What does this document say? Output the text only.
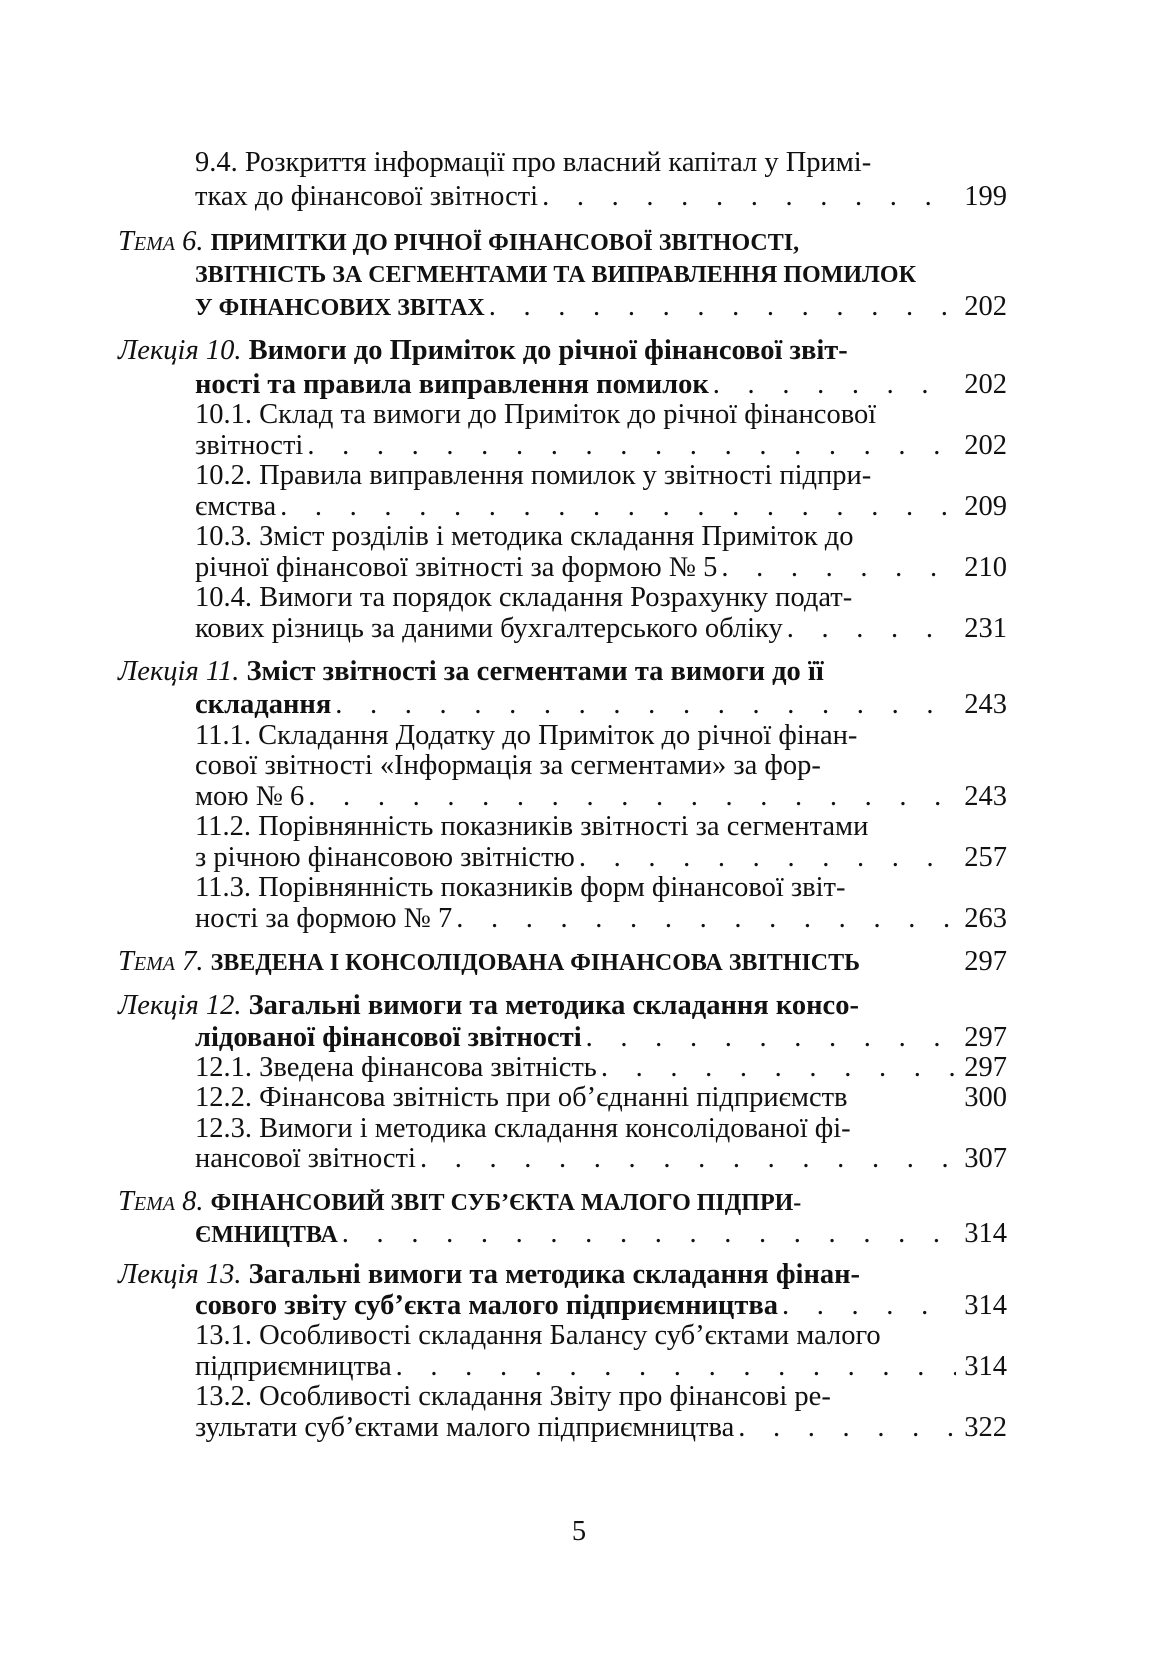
9.4. Розкриття інформації про власний капітал у Примі-
тках до фінансової звітності . . .	199
Тема 6. ПРИМІТКИ ДО РІЧНОЇ ФІНАНСОВОЇ ЗВІТНОСТІ,
ЗВІТНІСТЬ ЗА СЕГМЕНТАМИ ТА ВИПРАВЛЕННЯ ПОМИЛОК
У ФІНАНСОВИХ ЗВІТАХ . . .	202
Лекція 10. Вимоги до Приміток до річної фінансової звіт-
ності та правила виправлення помилок . . .	202
10.1. Склад та вимоги до Приміток до річної фінансової
звітності . . .	202
10.2. Правила виправлення помилок у звітності підпри-
ємства . . .	209
10.3. Зміст розділів і методика складання Приміток до
річної фінансової звітності за формою № 5 . . .	210
10.4. Вимоги та порядок складання Розрахунку подат-
кових різниць за даними бухгалтерського обліку . . .	231
Лекція 11. Зміст звітності за сегментами та вимоги до її
складання . . .	243
11.1. Складання Додатку до Приміток до річної фінан-
сової звітності «Інформація за сегментами» за фор-
мою № 6 . . .	243
11.2. Порівнянність показників звітності за сегментами
з річною фінансовою звітністю . . .	257
11.3. Порівнянність показників форм фінансової звіт-
ності за формою № 7 . . .	263
Тема 7. ЗВЕДЕНА І КОНСОЛІДОВАНА ФІНАНСОВА ЗВІТНІСТЬ	297
Лекція 12. Загальні вимоги та методика складання консо-
лідованої фінансової звітності . . .	297
12.1. Зведена фінансова звітність . . .	297
12.2. Фінансова звітність при об’єднанні підприємств	300
12.3. Вимоги і методика складання консолідованої фі-
нансової звітності . . .	307
Тема 8. ФІНАНСОВИЙ ЗВІТ СУБ’ЄКТА МАЛОГО ПІДПРИ-
ЄМНИЦТВА . . .	314
Лекція 13. Загальні вимоги та методика складання фінан-
сового звіту суб’єкта малого підприємництва . . .	314
13.1. Особливості складання Балансу суб’єктами малого
підприємництва . . .	314
13.2. Особливості складання Звіту про фінансові ре-
зультати суб’єктами малого підприємництва . . .	322
5
